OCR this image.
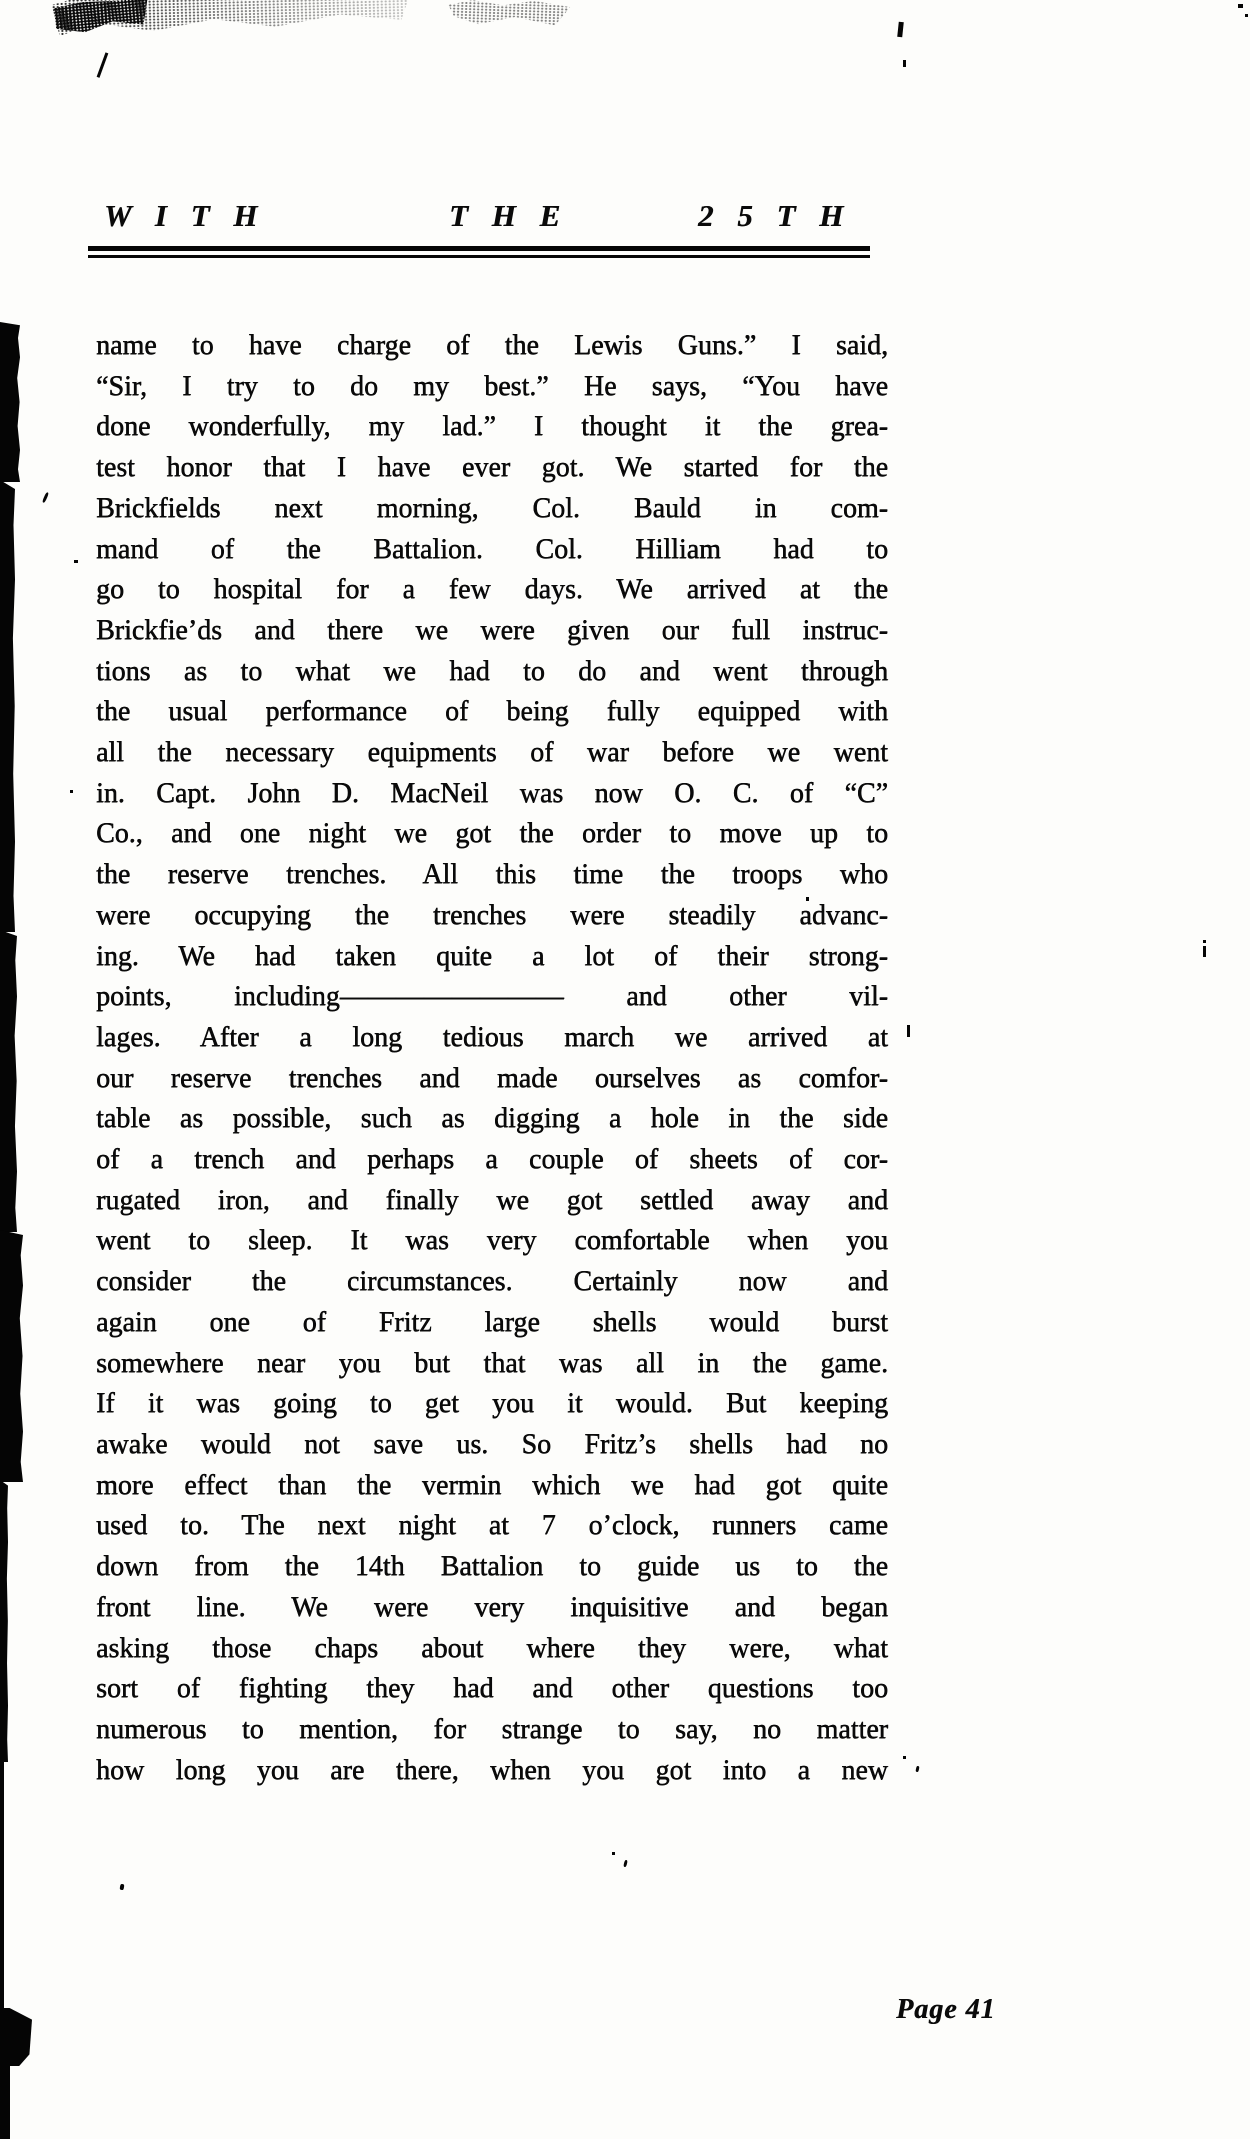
W I T H	T H E	2 5 T H
name to have charge of the Lewis Guns.” I said,
“Sir, I try to do my best.” He says, “You have
done wonderfully, my lad.” I thought it the grea-
test honor that I have ever got. We started for the
Brickfields next morning, Col. Bauld in com-
mand of the Battalion. Col. Hilliam had to
go to hospital for a few days. We arrived at the
Brickfie’ds and there we were given our full instruc-
tions as to what we had to do and went through
the usual performance of being fully equipped with
all the necessary equipments of war before we went
in. Capt. John D. MacNeil was now O. C. of “C”
Co., and one night we got the order to move up to
the reserve trenches. All this time the troops who
were occupying the trenches were steadily advanc-
ing. We had taken quite a lot of their strong-
points, including———————— and other vil-
lages. After a long tedious march we arrived at
our reserve trenches and made ourselves as comfor-
table as possible, such as digging a hole in the side
of a trench and perhaps a couple of sheets of cor-
rugated iron, and finally we got settled away and
went to sleep. It was very comfortable when you
consider the circumstances. Certainly now and
again one of Fritz large shells would burst
somewhere near you but that was all in the game.
If it was going to get you it would. But keeping
awake would not save us. So Fritz’s shells had no
more effect than the vermin which we had got quite
used to. The next night at 7 o’clock, runners came
down from the 14th Battalion to guide us to the
front line. We were very inquisitive and began
asking those chaps about where they were, what
sort of fighting they had and other questions too
numerous to mention, for strange to say, no matter
how long you are there, when you got into a new
Page 41
